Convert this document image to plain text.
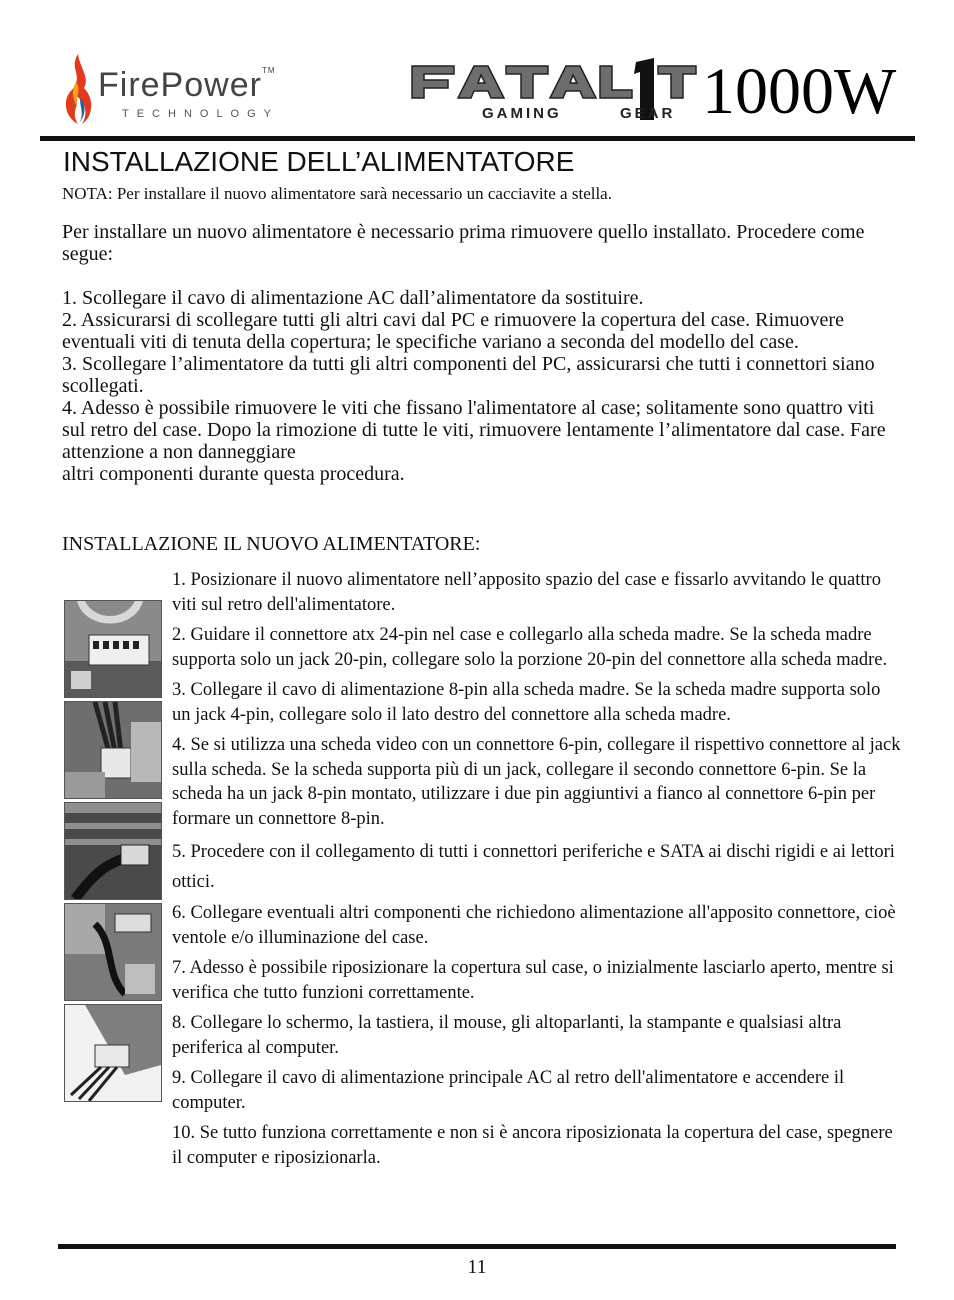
FirePower™
TECHNOLOGY	GAMING	GEAR 1000W
INSTALLAZIONE DELL’ALIMENTATORE
NOTA: Per installare il nuovo alimentatore sarà necessario un cacciavite a stella.

Per installare un nuovo alimentatore è necessario prima rimuovere quello installato. Procedere come segue:

1. Scollegare il cavo di alimentazione AC dall’alimentatore da sostituire.

2. Assicurarsi di scollegare tutti gli altri cavi dal PC e rimuovere la copertura del case. Rimuovere eventuali viti di tenuta della copertura; le specifiche variano a seconda del modello del case.

3. Scollegare l’alimentatore da tutti gli altri componenti del PC, assicurarsi che tutti i connettori siano scollegati.

4. Adesso è possibile rimuovere le viti che fissano l'alimentatore al case; solitamente sono quattro viti sul retro del case. Dopo la rimozione di tutte le viti, rimuovere lentamente l’alimentatore dal case. Fare attenzione a non danneggiare

altri componenti durante questa procedura.

INSTALLAZIONE IL NUOVO ALIMENTATORE:

1. Posizionare il nuovo alimentatore nell’apposito spazio del case e fissarlo avvitando le quattro viti sul retro dell'alimentatore.

2. Guidare il connettore atx 24-pin nel case e collegarlo alla scheda madre. Se la scheda madre supporta solo un jack 20-pin, collegare solo la porzione 20-pin del connettore alla scheda madre.

3. Collegare il cavo di alimentazione 8-pin alla scheda madre. Se la scheda madre supporta solo un jack 4-pin, collegare solo il lato destro del connettore alla scheda madre.

4. Se si utilizza una scheda video con un connettore 6-pin, collegare il rispettivo connettore al jack sulla scheda. Se la scheda supporta più di un jack, collegare il secondo connettore 6-pin. Se la scheda ha un jack 8-pin montato, utilizzare i due pin aggiuntivi a fianco al connettore 6-pin per formare un connettore 8-pin.

5. Procedere con il collegamento di tutti i connettori periferiche e SATA ai dischi rigidi e ai lettori ottici.

6. Collegare eventuali altri componenti che richiedono alimentazione all'apposito connettore, cioè ventole e/o illuminazione del case.

7. Adesso è possibile riposizionare la copertura sul case, o inizialmente lasciarlo aperto, mentre si verifica che tutto funzioni correttamente.

8. Collegare lo schermo, la tastiera, il mouse, gli altoparlanti, la stampante e qualsiasi altra periferica al computer.

9. Collegare il cavo di alimentazione principale AC al retro dell'alimentatore e accendere il computer.

10. Se tutto funziona correttamente e non si è ancora riposizionata la copertura del case, spegnere il computer e riposizionarla.

11
